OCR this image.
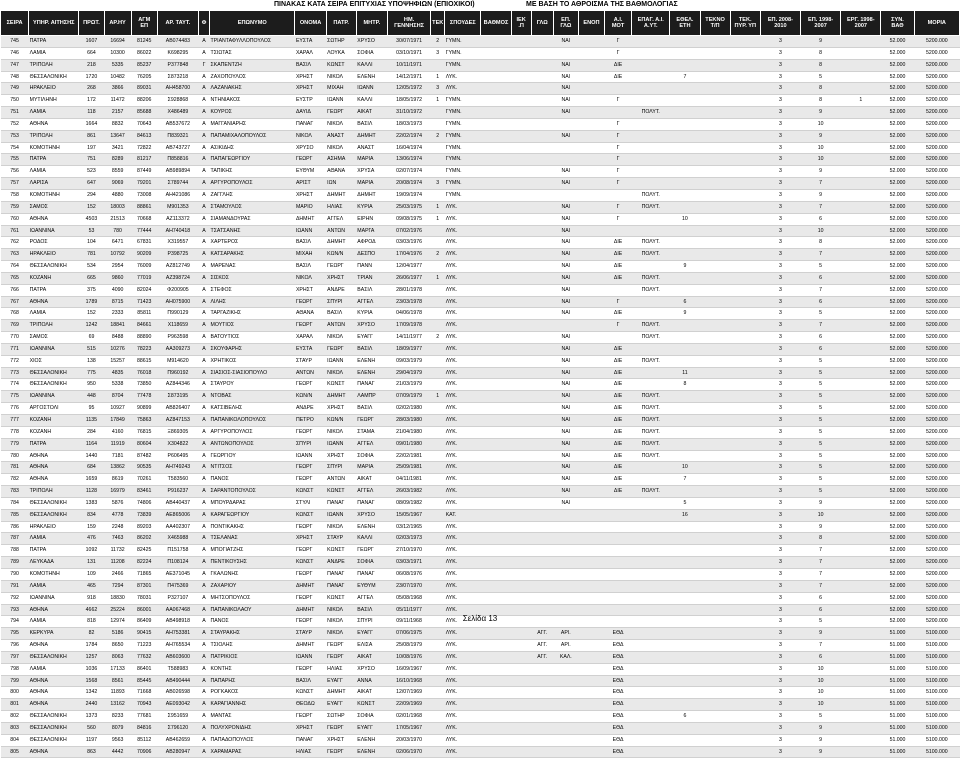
ΠΙΝΑΚΑΣ ΚΑΤΑ ΣΕΙΡΑ ΕΠΙΤΥΧΙΑΣ ΥΠΟΨΗΦΙΩΝ (ΕΠΙΟΧΙΚΟΙ)	ΜΕ ΒΑΣΗ ΤΟ ΑΘΡΟΙΣΜΑ ΤΗΣ ΒΑΘΜΟΛΟΓΙΑΣ
ΣΕΙΡΑ	ΥΠΗΡ. ΑΙΤΗΣΗΣ	ΠΡΩΤ.	ΑΡ.ΗΥ	ΑΓΜ
ΕΠ	ΑΡ. ΤΑΥΤ.	Φ	ΕΠΩΝΥΜΟ	ΟΝΟΜΑ	ΠΑΤΡ.	ΜΗΤΡ.	ΗΜ.
ΓΕΝΝΗΣΗΣ	ΤΕΚ	ΣΠΟΥΔΕΣ	ΒΑΘΜΟΣ	ΙΕΚ
.Π	ΓΛΩ	ΕΠ.
ΓΛΩ	ΕΝΟΠ	Α.Ι.
ΜΟΤ	ΕΠΑΓ. Α.Ι.
Α.ΥΤ.	ΕΘΕΛ.
ΕΤΗ	ΤΕΚΝΟ
Τ/Π	ΤΕΚ.
ΠΥΡ. ΥΠ	ΕΠ. 2008-
2010	ΕΠ. 1998-
2007	ΕΡΓ. 1998-
2007	ΣΥΝ.
ΒΑΘ	ΜΟΡΙΑ
745	ΠΑΤΡΑ	1607	16694	81245	ΑΒ074483	Α	ΤΡΙΑΝΤΑΦΥΛΛΟΠΟΥΛΟΣ	ΕΥΣΤΑ	ΣΩΤΗΡ	ΧΡΥΣΟ	30/07/1971	2	ΓΥΜΝ.				ΝΑΙ		Γ					3	9		52.000	5200.000
746	ΛΑΜΙΑ	664	10300	86022	Κ698295	Α	ΤΣΙΩΤΑΣ	ΧΑΡΑΛ	ΛΟΥΚΑ	ΣΟΦΙΑ	03/10/1971	3	ΓΥΜΝ.						Γ					3	8		52.000	5200.000
747	ΤΡΙΠΟΛΗ	218	5335	85237	Ρ377848	Γ	ΣΚΑΠΕΝΤΖΗ	ΒΑΣΙΛ	ΚΩΝΣΤ	ΚΑΛΛΙ	10/11/1971		ΓΥΜΝ.				ΝΑΙ		ΔΙΕ					3	8		52.000	5200.000
748	ΘΕΣΣΑΛΟΝΙΚΗ	1720	10482	76205	Σ873218	Α	ΖΑΧΟΠΟΥΛΟΣ	ΧΡΗΣΤ	ΝΙΚΟΛ	ΕΛΕΝΗ	14/12/1971	1	ΛΥΚ.				ΝΑΙ		ΔΙΕ		7			3	5		52.000	5200.000
749	ΗΡΑΚΛΕΙΟ	268	3866	89031	ΑΗ458700	Α	ΛΑΖΑΝΑΚΗΣ	ΧΡΗΣΤ	ΜΙΧΑΗ	ΙΩΑΝΝ	12/05/1972	3	ΛΥΚ.				ΝΑΙ							3	8		52.000	5200.000
750	ΜΥΤΙΛΗΝΗ	172	11472	88206	Σ928868	Α	ΝΤΗΝΙΑΚΟΣ	ΕΥΣΤΡ	ΙΩΑΝΝ	ΚΑΛΛΙ	18/05/1972	1	ΓΥΜΝ.				ΝΑΙ		Γ					3	8	1	52.000	5200.000
751	ΛΑΜΙΑ	118	2157	85688	Χ486489	Α	ΚΟΥΡΟΣ	ΔΑΥΙΔ	ΓΕΩΡΓ	ΑΙΚΑΤ	31/10/1972		ΓΥΜΝ.				ΝΑΙ			ΠΟΛΥΤ.				3	9		52.000	5200.000
752	ΑΘΗΝΑ	1664	8832	70643	ΑΒ537672	Α	ΜΑΓΓΑΝΙΑΡΗΣ	ΠΑΝΑΓ	ΝΙΚΟΛ	ΒΑΣΙΛ	18/03/1973		ΓΥΜΝ.						Γ					3	10		52.000	5200.000
753	ΤΡΙΠΟΛΗ	861	13647	84613	Π839321	Α	ΠΑΠΑΜΙΧΑΛΟΠΟΥΛΟΣ	ΝΙΚΟΛ	ΑΝΑΣΤ	ΔΗΜΗΤ	22/02/1974	2	ΓΥΜΝ.				ΝΑΙ		Γ					3	9		52.000	5200.000
754	ΚΟΜΟΤΗΝΗ	197	3421	72822	ΑΒ743727	Α	ΑΣΙΚΙΔΗΣ	ΧΡΥΣΟ	ΝΙΚΟΛ	ΑΝΑΣΤ	16/04/1974		ΓΥΜΝ.						Γ					3	10		52.000	5200.000
755	ΠΑΤΡΑ	751	8289	81217	Π858816	Α	ΠΑΠΑΓΕΩΡΓΙΟΥ	ΓΕΩΡΓ	ΑΣΗΜΑ	ΜΑΡΙΑ	13/06/1974		ΓΥΜΝ.						Γ					3	10		52.000	5200.000
756	ΛΑΜΙΑ	523	8559	87449	ΑΒ989894	Α	ΤΑΠΙΚΗΣ	ΕΥΘΥΜ	ΑΘΑΝΑ	ΧΡΥΣΑ	02/07/1974		ΓΥΜΝ.				ΝΑΙ		Γ					3	9		52.000	5200.000
757	ΛΑΡΙΣΑ	647	9069	79201	Σ789744	Α	ΑΡΓΥΡΟΠΟΥΛΟΣ	ΑΡΙΣΤ	ΙΩΝ	ΜΑΡΙΑ	20/08/1974	3	ΓΥΜΝ.				ΝΑΙ		Γ					3	7		52.000	5200.000
758	ΚΟΜΟΤΗΝΗ	294	4880	73008	ΑΗ421086	Α	ΖΑΓΓΛΗΣ	ΧΡΗΣΤ	ΔΗΜΗΤ	ΔΗΜΗΤ	19/09/1974		ΓΥΜΝ.							ΠΟΛΥΤ.				3	9		52.000	5200.000
759	ΣΑΜΟΣ	152	18003	88861	Μ901353	Α	ΣΤΑΜΟΥΛΟΣ	ΜΑΡΙΟ	ΗΛΙΑΣ	ΚΥΡΙΑ	25/03/1975	1	ΛΥΚ.				ΝΑΙ		Γ	ΠΟΛΥΤ.				3	7		52.000	5200.000
760	ΑΘΗΝΑ	4503	21513	70668	ΑΖ113372	Α	ΣΙΑΜΑΝΔΟΥΡΑΣ	ΔΗΜΗΤ	ΑΓΓΕΛ	ΕΙΡΗΝ	09/08/1975	1	ΛΥΚ.				ΝΑΙ		Γ		10			3	6		52.000	5200.000
761	ΙΩΑΝΝΙΝΑ	53	780	77444	ΑΗ740418	Α	ΤΣΑΤΣΑΝΗΣ	ΙΩΑΝΝ	ΑΝΤΩΝ	ΜΑΡΓΑ	07/02/1976		ΛΥΚ.				ΝΑΙ							3	10		52.000	5200.000
762	ΡΟΔΟΣ	104	6471	67831	Χ319557	Α	ΧΑΡΤΕΡΟΣ	ΒΑΣΙΛ	ΔΗΜΗΤ	ΑΦΡΟΔ	03/03/1976		ΛΥΚ.				ΝΑΙ		ΔΙΕ	ΠΟΛΥΤ.				3	8		52.000	5200.000
763	ΗΡΑΚΛΕΙΟ	781	10792	90209	Ρ398725	Α	ΚΑΤΣΑΡΑΚΗΣ	ΜΙΧΑΗ	ΚΩΝ/Ν	ΔΕΣΠΟ	17/04/1976	2	ΛΥΚ.				ΝΑΙ		ΔΙΕ	ΠΟΛΥΤ.				3	7		52.000	5200.000
764	ΘΕΣΣΑΛΟΝΙΚΗ	534	2954	76009	ΑΖ812749	Α	ΜΑΡΕΝΑΣ	ΒΑΣΙΛ	ΓΕΩΡΓ	ΠΑΝΝ	12/04/1977		ΛΥΚ.				ΝΑΙ		ΔΙΕ		9			3	5		52.000	5200.000
765	ΚΟΖΑΝΗ	665	9860	77019	ΑΖ398724	Α	ΣΙΣΚΟΣ	ΝΙΚΟΛ	ΧΡΗΣΤ	ΤΡΙΑΝ	26/06/1977	1	ΛΥΚ.				ΝΑΙ		ΔΙΕ	ΠΟΛΥΤ.				3	6		52.000	5200.000
766	ΠΑΤΡΑ	375	4090	82024	Φ200905	Α	ΣΤΕΦΟΣ	ΧΡΗΣΤ	ΑΝΔΡΕ	ΒΑΣΙΛ	28/01/1978		ΛΥΚ.				ΝΑΙ			ΠΟΛΥΤ.				3	7		52.000	5200.000
767	ΑΘΗΝΑ	1789	8715	71423	ΑΗ075900	Α	ΛΙΛΗΣ	ΓΕΩΡΓ	ΣΠΥΡΙ	ΑΓΓΕΛ	23/03/1978		ΛΥΚ.				ΝΑΙ		Γ		6			3	6		52.000	5200.000
768	ΛΑΜΙΑ	152	2333	85811	Π990129	Α	ΤΑΡΓΑΖΙΚΗΣ	ΑΘΑΝΑ	ΒΑΣΙΛ	ΚΥΡΙΑ	04/06/1978		ΛΥΚ.				ΝΑΙ		ΔΙΕ		9			3	5		52.000	5200.000
769	ΤΡΙΠΟΛΗ	1242	18841	84661	Χ118659	Α	ΜΟΥΤΙΟΣ	ΓΕΩΡΓ	ΑΝΤΩΝ	ΧΡΥΣΟ	17/09/1978		ΛΥΚ.						Γ	ΠΟΛΥΤ.				3	7		52.000	5200.000
770	ΣΑΜΟΣ	69	8488	88890	Ρ963598	Α	ΒΑΤΟΥΤΙΟΣ	ΧΑΡΑΛ	ΝΙΚΟΛ	ΕΥΑΓΓ	14/11/1977	2	ΛΥΚ.				ΝΑΙ			ΠΟΛΥΤ.				3	6		52.000	5200.000
771	ΙΩΑΝΝΙΝΑ	515	10276	78223	ΑΑ309273	Α	ΣΚΟΥΦΑΡΗΣ	ΕΥΣΤΑ	ΓΕΩΡΓ	ΒΑΣΙΛ	18/09/1977		ΛΥΚ.				ΝΑΙ		ΔΙΕ					3	6		52.000	5200.000
772	ΧΙΟΣ	138	15257	88615	Μ914620	Α	ΧΡΗΤΙΚΟΣ	ΣΤΑΥΡ	ΙΩΑΝΝ	ΕΛΕΝΗ	09/03/1979		ΛΥΚ.				ΝΑΙ		ΔΙΕ	ΠΟΛΥΤ.				3	5		52.000	5200.000
773	ΘΕΣΣΑΛΟΝΙΚΗ	775	4835	76018	Π960192	Α	ΣΙΑΣΙΟΣ-ΣΙΑΣΙΟΠΟΥΛΟ	ΑΝΤΩΝ	ΝΙΚΟΛ	ΕΛΕΝΗ	29/04/1979		ΛΥΚ.				ΝΑΙ		ΔΙΕ		11			3	5		52.000	5200.000
774	ΘΕΣΣΑΛΟΝΙΚΗ	950	5338	73850	ΑΖ844346	Α	ΣΤΑΥΡΟΥ	ΓΕΩΡΓ	ΚΩΝΣΤ	ΠΑΝΑΓ	21/03/1979		ΛΥΚ.				ΝΑΙ		ΔΙΕ		8			3	5		52.000	5200.000
775	ΙΩΑΝΝΙΝΑ	448	8704	77478	Σ873195	Α	ΝΤΟΒΑΣ	ΚΩΝ/Ν	ΔΗΜΗΤ	ΛΑΜΠΡ	07/09/1979	1	ΛΥΚ.				ΝΑΙ		ΔΙΕ	ΠΟΛΥΤ.				3	5		52.000	5200.000
776	ΑΡΓΟΣΤΟΛΙ	95	10927	90899	ΑΒ826407	Α	ΚΑΤΣΙΒΕΛΗΣ	ΑΝΔΡΕ	ΧΡΗΣΤ	ΒΑΣΙΛ	02/02/1980		ΛΥΚ.				ΝΑΙ		ΔΙΕ	ΠΟΛΥΤ.				3	5		52.000	5200.000
777	ΚΟΖΑΝΗ	1135	17849	75863	ΑΖ847153	Α	ΠΑΠΑΝΙΚΟΛΟΠΟΥΛΟΣ	ΠΕΤΡΟ	ΚΩΝ/Ν	ΓΕΩΡΓ	28/03/1980		ΛΥΚ.				ΝΑΙ		ΔΙΕ	ΠΟΛΥΤ.				3	5		52.000	5200.000
778	ΚΟΖΑΝΗ	284	4160	76815	Ξ869305	Α	ΑΡΓΥΡΟΠΟΥΛΟΣ	ΓΕΩΡΓ	ΝΙΚΟΛ	ΣΤΑΜΑ	21/04/1980		ΛΥΚ.				ΝΑΙ		ΔΙΕ	ΠΟΛΥΤ.				3	5		52.000	5200.000
779	ΠΑΤΡΑ	1164	11919	80604	Χ304822	Α	ΑΝΤΩΝΟΠΟΥΛΟΣ	ΣΠΥΡΙ	ΙΩΑΝΝ	ΑΓΓΕΛ	09/01/1980		ΛΥΚ.				ΝΑΙ		ΔΙΕ	ΠΟΛΥΤ.				3	5		52.000	5200.000
780	ΑΘΗΝΑ	1440	7181	87482	Ρ606495	Α	ΓΕΩΡΓΙΟΥ	ΙΩΑΝΝ	ΧΡΗΣΤ	ΣΟΦΙΑ	22/02/1981		ΛΥΚ.				ΝΑΙ		ΔΙΕ	ΠΟΛΥΤ.				3	5		52.000	5200.000
781	ΑΘΗΝΑ	684	13862	90535	ΑΗ749243	Α	ΝΤΙΤΣΟΣ	ΓΕΩΡΓ	ΣΠΥΡΙ	ΜΑΡΙΑ	25/09/1981		ΛΥΚ.				ΝΑΙ		ΔΙΕ		10			3	5		52.000	5200.000
782	ΑΘΗΝΑ	1659	8619	70261	Τ583560	Α	ΠΑΝΟΣ	ΓΕΩΡΓ	ΑΝΤΩΝ	ΑΙΚΑΤ	04/11/1981		ΛΥΚ.				ΝΑΙ		ΔΙΕ		7			3	5		52.000	5200.000
783	ΤΡΙΠΟΛΗ	1128	16979	83461	Ρ916237	Α	ΣΑΡΑΝΤΟΠΟΥΛΟΣ	ΚΩΝΣΤ	ΚΩΝΣΤ	ΑΓΓΕΛ	26/03/1982		ΛΥΚ.				ΝΑΙ		ΔΙΕ	ΠΟΛΥΤ.				3	5		52.000	5200.000
784	ΘΕΣΣΑΛΟΝΙΚΗ	1383	5876	74806	ΑΒ440437	Α	ΜΠΟΥΡΔΑΡΑΣ	ΣΤΥΛΙ	ΠΑΝΑΓ	ΠΑΝΑΓ	08/09/1982		ΛΥΚ.				ΝΑΙ				5			3	9		52.000	5200.000
785	ΘΕΣΣΑΛΟΝΙΚΗ	834	4778	73839	ΑΕ865006	Α	ΚΑΡΑΓΕΩΡΓΙΟΥ	ΚΩΝΣΤ	ΙΩΑΝΝ	ΧΡΥΣΟ	15/05/1967		ΚΑΤ.								16			3	10		52.000	5200.000
786	ΗΡΑΚΛΕΙΟ	159	2248	89203	ΑΑ402307	Α	ΠΟΝΤΙΚΑΚΗΣ	ΓΕΩΡΓ	ΝΙΚΟΛ	ΕΛΕΝΗ	03/12/1965		ΛΥΚ.											3	9		52.000	5200.000
787	ΛΑΜΙΑ	476	7463	86202	Χ465988	Α	ΤΣΕΛΑΝΑΣ	ΧΡΗΣΤ	ΣΤΑΥΡ	ΚΑΛΛΙ	02/03/1973		ΛΥΚ.											3	8		52.000	5200.000
788	ΠΑΤΡΑ	1092	11732	82425	Π151758	Α	ΜΠΟΓΙΑΤΖΗΣ	ΓΕΩΡΓ	ΚΩΝΣΤ	ΓΕΩΡΓ	27/10/1970		ΛΥΚ.											3	7		52.000	5200.000
789	ΛΕΥΚΑΔΑ	131	11208	82224	Π108124	Α	ΠΕΝΤΙΚΟΥΣΗΣ	ΚΩΝΣΤ	ΑΝΔΡΕ	ΣΟΦΙΑ	03/03/1971		ΛΥΚ.											3	7		52.000	5200.000
790	ΚΟΜΟΤΗΝΗ	109	2466	71865	ΑΕ371045	Α	ΓΚΑΛΩΝΗΣ	ΓΕΩΡΓ	ΠΑΝΑΓ	ΠΑΝΑΓ	06/08/1976		ΛΥΚ.											3	7		52.000	5200.000
791	ΛΑΜΙΑ	465	7294	87301	Π475369	Α	ΖΑΧΑΡΙΟΥ	ΔΗΜΗΤ	ΠΑΝΑΓ	ΕΥΘΥΜ	23/07/1970		ΛΥΚ.											3	7		52.000	5200.000
792	ΙΩΑΝΝΙΝΑ	918	18830	78031	Ρ327107	Α	ΜΗΤΣΟΠΟΥΛΟΣ	ΓΕΩΡΓ	ΚΩΝΣΤ	ΑΓΓΕΛ	05/08/1968		ΛΥΚ.											3	6		52.000	5200.000
793	ΑΘΗΝΑ	4662	25224	86001	ΑΑ067468	Α	ΠΑΠΑΝΙΚΟΛΑΟΥ	ΔΗΜΗΤ	ΝΙΚΟΛ	ΒΑΣΙΛ	05/11/1977		ΛΥΚ.											3	6		52.000	5200.000
794	ΛΑΜΙΑ	818	12974	86409	ΑΒ498918	Α	ΠΑΝΟΣ	ΓΕΩΡΓ	ΝΙΚΟΛ	ΣΠΥΡΙ	09/11/1968		ΛΥΚ.											3	5		52.000	5200.000
795	ΚΕΡΚΥΡΑ	82	5186	90415	ΑΗ753381	Α	ΣΤΑΥΡΑΚΗΣ	ΣΤΑΥΡ	ΝΙΚΟΛ	ΕΥΑΓΓ	07/06/1975		ΛΥΚ.			ΑΓΓ.	ΑΡΙ.		ΕΘΔ					3	9		51.000	5100.000
796	ΑΘΗΝΑ	1784	8650	71223	ΑΗ765534	Α	ΤΣΙΟΛΗΣ	ΔΗΜΗΤ	ΓΕΩΡΓ	ΕΛΙΣΑ	25/08/1979		ΛΥΚ.			ΑΓΓ.	ΑΡΙ.		ΕΘΔ					3	7		51.000	5100.000
797	ΘΕΣΣΑΛΟΝΙΚΗ	1257	8063	77632	ΑΒ603600	Α	ΠΑΤΡΙΚΙΟΣ	ΙΩΑΝΝ	ΓΕΩΡΓ	ΑΙΚΑΤ	10/08/1976		ΛΥΚ.			ΑΓΓ.	ΚΑΛ.		ΕΘΔ					3	6		51.000	5100.000
798	ΛΑΜΙΑ	1036	17133	86401	Τ588983	Α	ΚΟΝΤΗΣ	ΓΕΩΡΓ	ΗΛΙΑΣ	ΧΡΥΣΟ	16/09/1967		ΛΥΚ.						ΕΘΔ					3	10		51.000	5100.000
799	ΑΘΗΝΑ	1568	8561	85445	ΑΒ490444	Α	ΠΑΠΑΡΗΣ	ΒΑΣΙΛ	ΕΥΑΓΓ	ΑΝΝΑ	16/10/1968		ΛΥΚ.						ΕΘΔ					3	10		51.000	5100.000
800	ΑΘΗΝΑ	1342	11893	71668	ΑΒ026598	Α	ΡΟΓΚΑΚΟΣ	ΚΩΝΣΤ	ΔΗΜΗΤ	ΑΙΚΑΤ	12/07/1969		ΛΥΚ.						ΕΘΔ					3	10		51.000	5100.000
801	ΑΘΗΝΑ	2440	13162	70943	ΑΕ093042	Α	ΚΑΡΑΓΙΑΝΝΗΣ	ΘΕΟΔΩ	ΕΥΑΓΓ	ΚΩΝΣΤ	22/09/1969		ΛΥΚ.						ΕΘΔ					3	10		51.000	5100.000
802	ΘΕΣΣΑΛΟΝΙΚΗ	1373	8233	77681	Σ951659	Α	ΜΑΝΤΑΣ	ΓΕΩΡΓ	ΣΩΤΗΡ	ΣΟΦΙΑ	02/01/1968		ΛΥΚ.						ΕΘΔ		6			3	5		51.000	5100.000
803	ΘΕΣΣΑΛΟΝΙΚΗ	560	8079	84816	Σ796120	Α	ΠΟΛΥΧΡΟΝΙΔΗΣ	ΧΡΗΣΤ	ΓΕΩΡΓ	ΕΥΑΓΓ	17/05/1967		ΛΥΚ.						ΕΘΔ					3	9		51.000	5100.000
804	ΘΕΣΣΑΛΟΝΙΚΗ	1197	9563	85112	ΑΒ462659	Α	ΠΑΠΑΔΟΠΟΥΛΟΣ	ΠΑΝΑΓ	ΧΡΗΣΤ	ΕΛΕΝΗ	20/03/1970		ΛΥΚ.						ΕΘΔ					3	9		51.000	5100.000
805	ΑΘΗΝΑ	863	4442	70906	ΑΒ280947	Α	ΧΑΡΑΜΑΡΑΣ	ΗΛΙΑΣ	ΓΕΩΡΓ	ΕΛΕΝΗ	02/06/1970		ΛΥΚ.						ΕΘΔ					3	9		51.000	5100.000
Σελίδα 13
